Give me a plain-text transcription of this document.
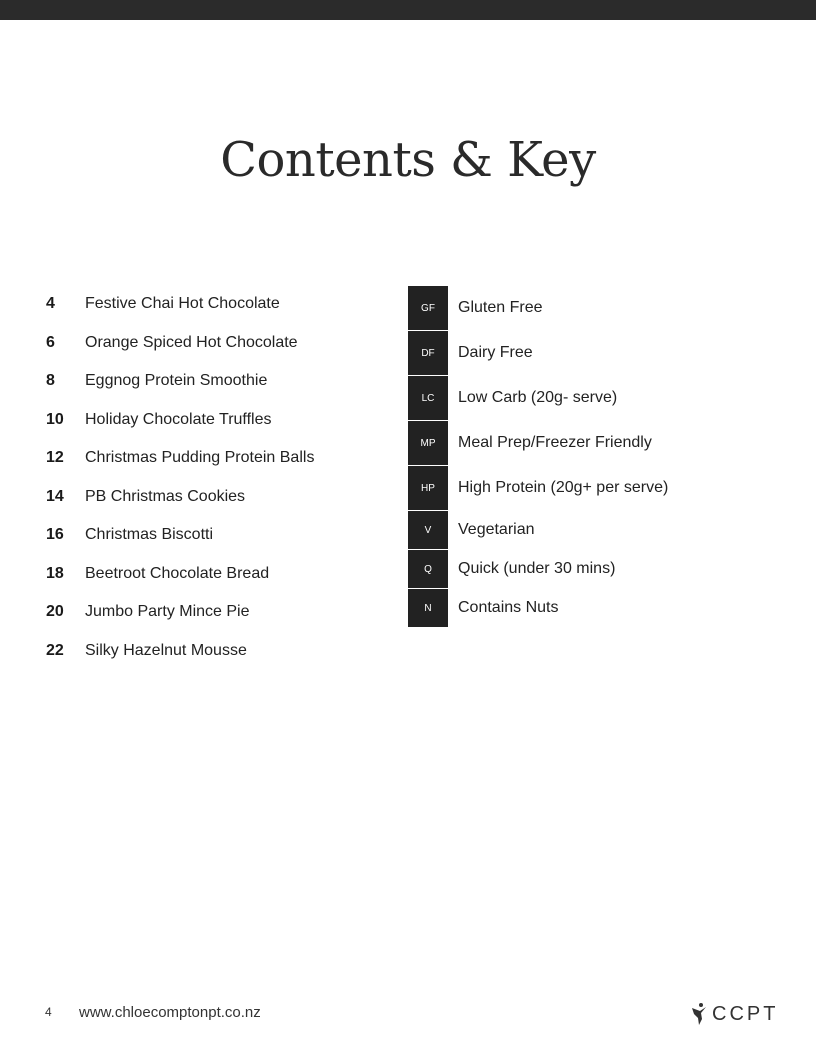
Contents & Key
4 Festive Chai Hot Chocolate
6 Orange Spiced Hot Chocolate
8 Eggnog Protein Smoothie
10 Holiday Chocolate Truffles
12 Christmas Pudding Protein Balls
14 PB Christmas Cookies
16 Christmas Biscotti
18 Beetroot Chocolate Bread
20 Jumbo Party Mince Pie
22 Silky Hazelnut Mousse
GF	Gluten Free
DF	Dairy Free
LC	Low Carb (20g- serve)
MP	Meal Prep/Freezer Friendly
HP	High Protein (20g+ per serve)
V	Vegetarian
Q	Quick (under 30 mins)
N	Contains Nuts
4 www.chloecomptonpt.co.nz	CCPT
